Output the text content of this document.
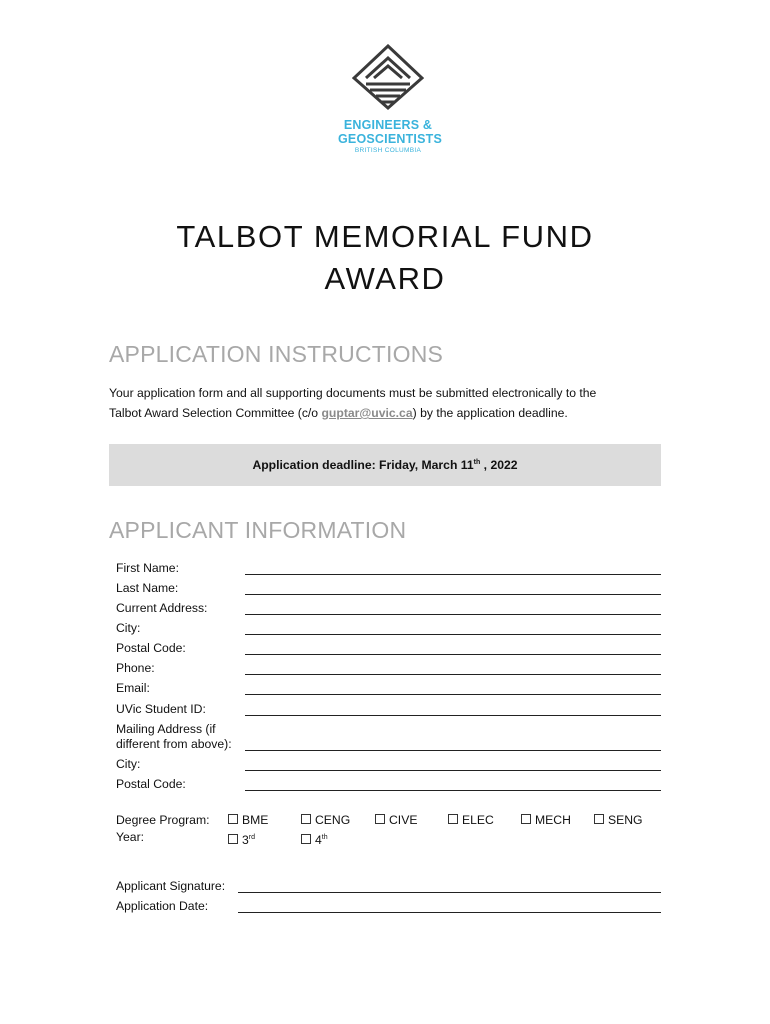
ENGINEERS &
GEOSCIENTISTS
BRITISH COLUMBIA
TALBOT MEMORIAL FUND
AWARD
APPLICATION INSTRUCTIONS
Your application form and all supporting documents must be submitted electronically to the
Talbot Award Selection Committee (c/o guptar@uvic.ca) by the application deadline.
Application deadline: Friday, March 11th , 2022
APPLICANT INFORMATION
First Name:
Last Name:
Current Address:
City:
Postal Code:
Phone:
Email:
UVic Student ID:
Mailing Address (if
different from above):
City:
Postal Code:
Degree Program:	BME	CENG	CIVE	ELEC	MECH	SENG
Year:	3rd	4th
Applicant Signature:
Application Date:
